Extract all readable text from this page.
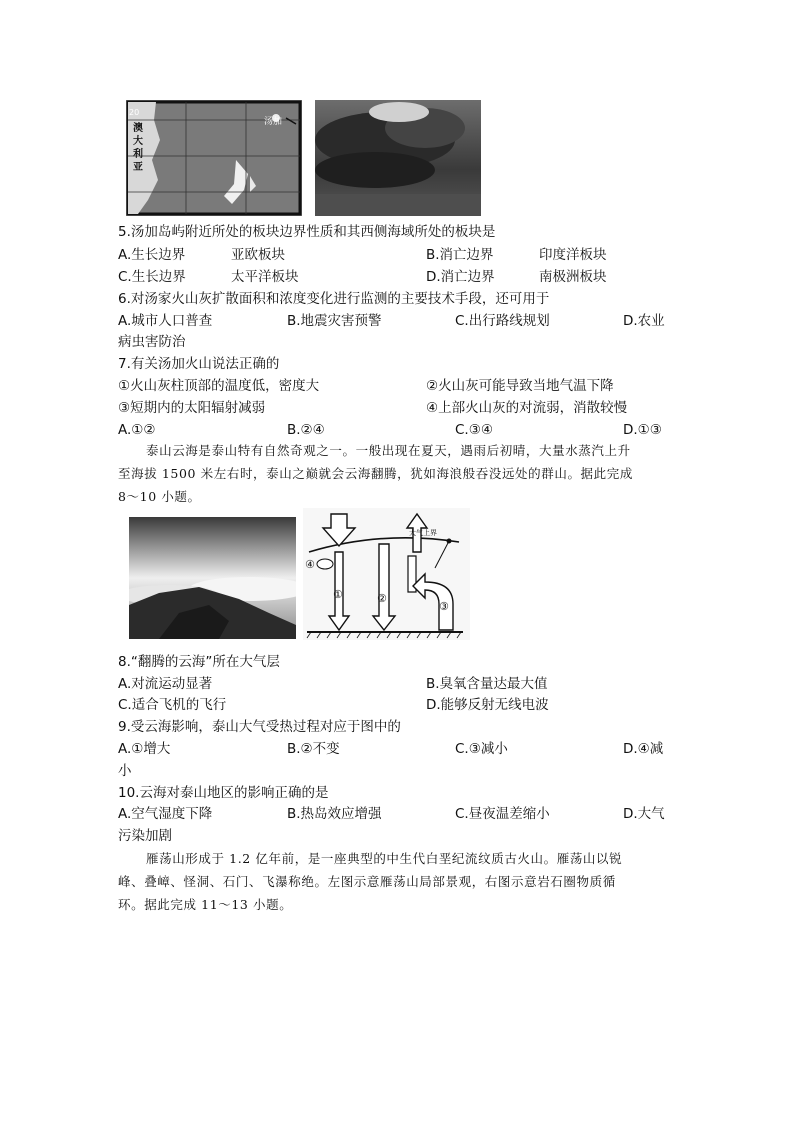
20
澳
大
利
亚
汤加
5.汤加岛屿附近所处的板块边界性质和其西侧海域所处的板块是
A.生长边界	亚欧板块	B.消亡边界	印度洋板块
C.生长边界	太平洋板块	D.消亡边界	南极洲板块
6.对汤家火山灰扩散面积和浓度变化进行监测的主要技术手段，还可用于
A.城市人口普查	B.地震灾害预警	C.出行路线规划	D.农业
病虫害防治
7.有关汤加火山说法正确的
①火山灰柱顶部的温度低，密度大	②火山灰可能导致当地气温下降
③短期内的太阳辐射减弱	④上部火山灰的对流弱，消散较慢
A.①②	B.②④	C.③④	D.①③
泰山云海是泰山特有自然奇观之一。一般出现在夏天，遇雨后初晴，大量水蒸汽上升
至海拔 1500 米左右时，泰山之巅就会云海翻腾，犹如海浪般吞没远处的群山。据此完成
8～10 小题。
大气上界
①	②
③
④
8.“翻腾的云海”所在大气层
A.对流运动显著	B.臭氧含量达最大值
C.适合飞机的飞行	D.能够反射无线电波
9.受云海影响，泰山大气受热过程对应于图中的
A.①增大	B.②不变	C.③减小	D.④减
小
10.云海对泰山地区的影响正确的是
A.空气湿度下降	B.热岛效应增强	C.昼夜温差缩小	D.大气
污染加剧
雁荡山形成于 1.2 亿年前，是一座典型的中生代白垩纪流纹质古火山。雁荡山以锐
峰、叠嶂、怪洞、石门、飞瀑称绝。左图示意雁荡山局部景观，右图示意岩石圈物质循
环。据此完成 11～13 小题。
